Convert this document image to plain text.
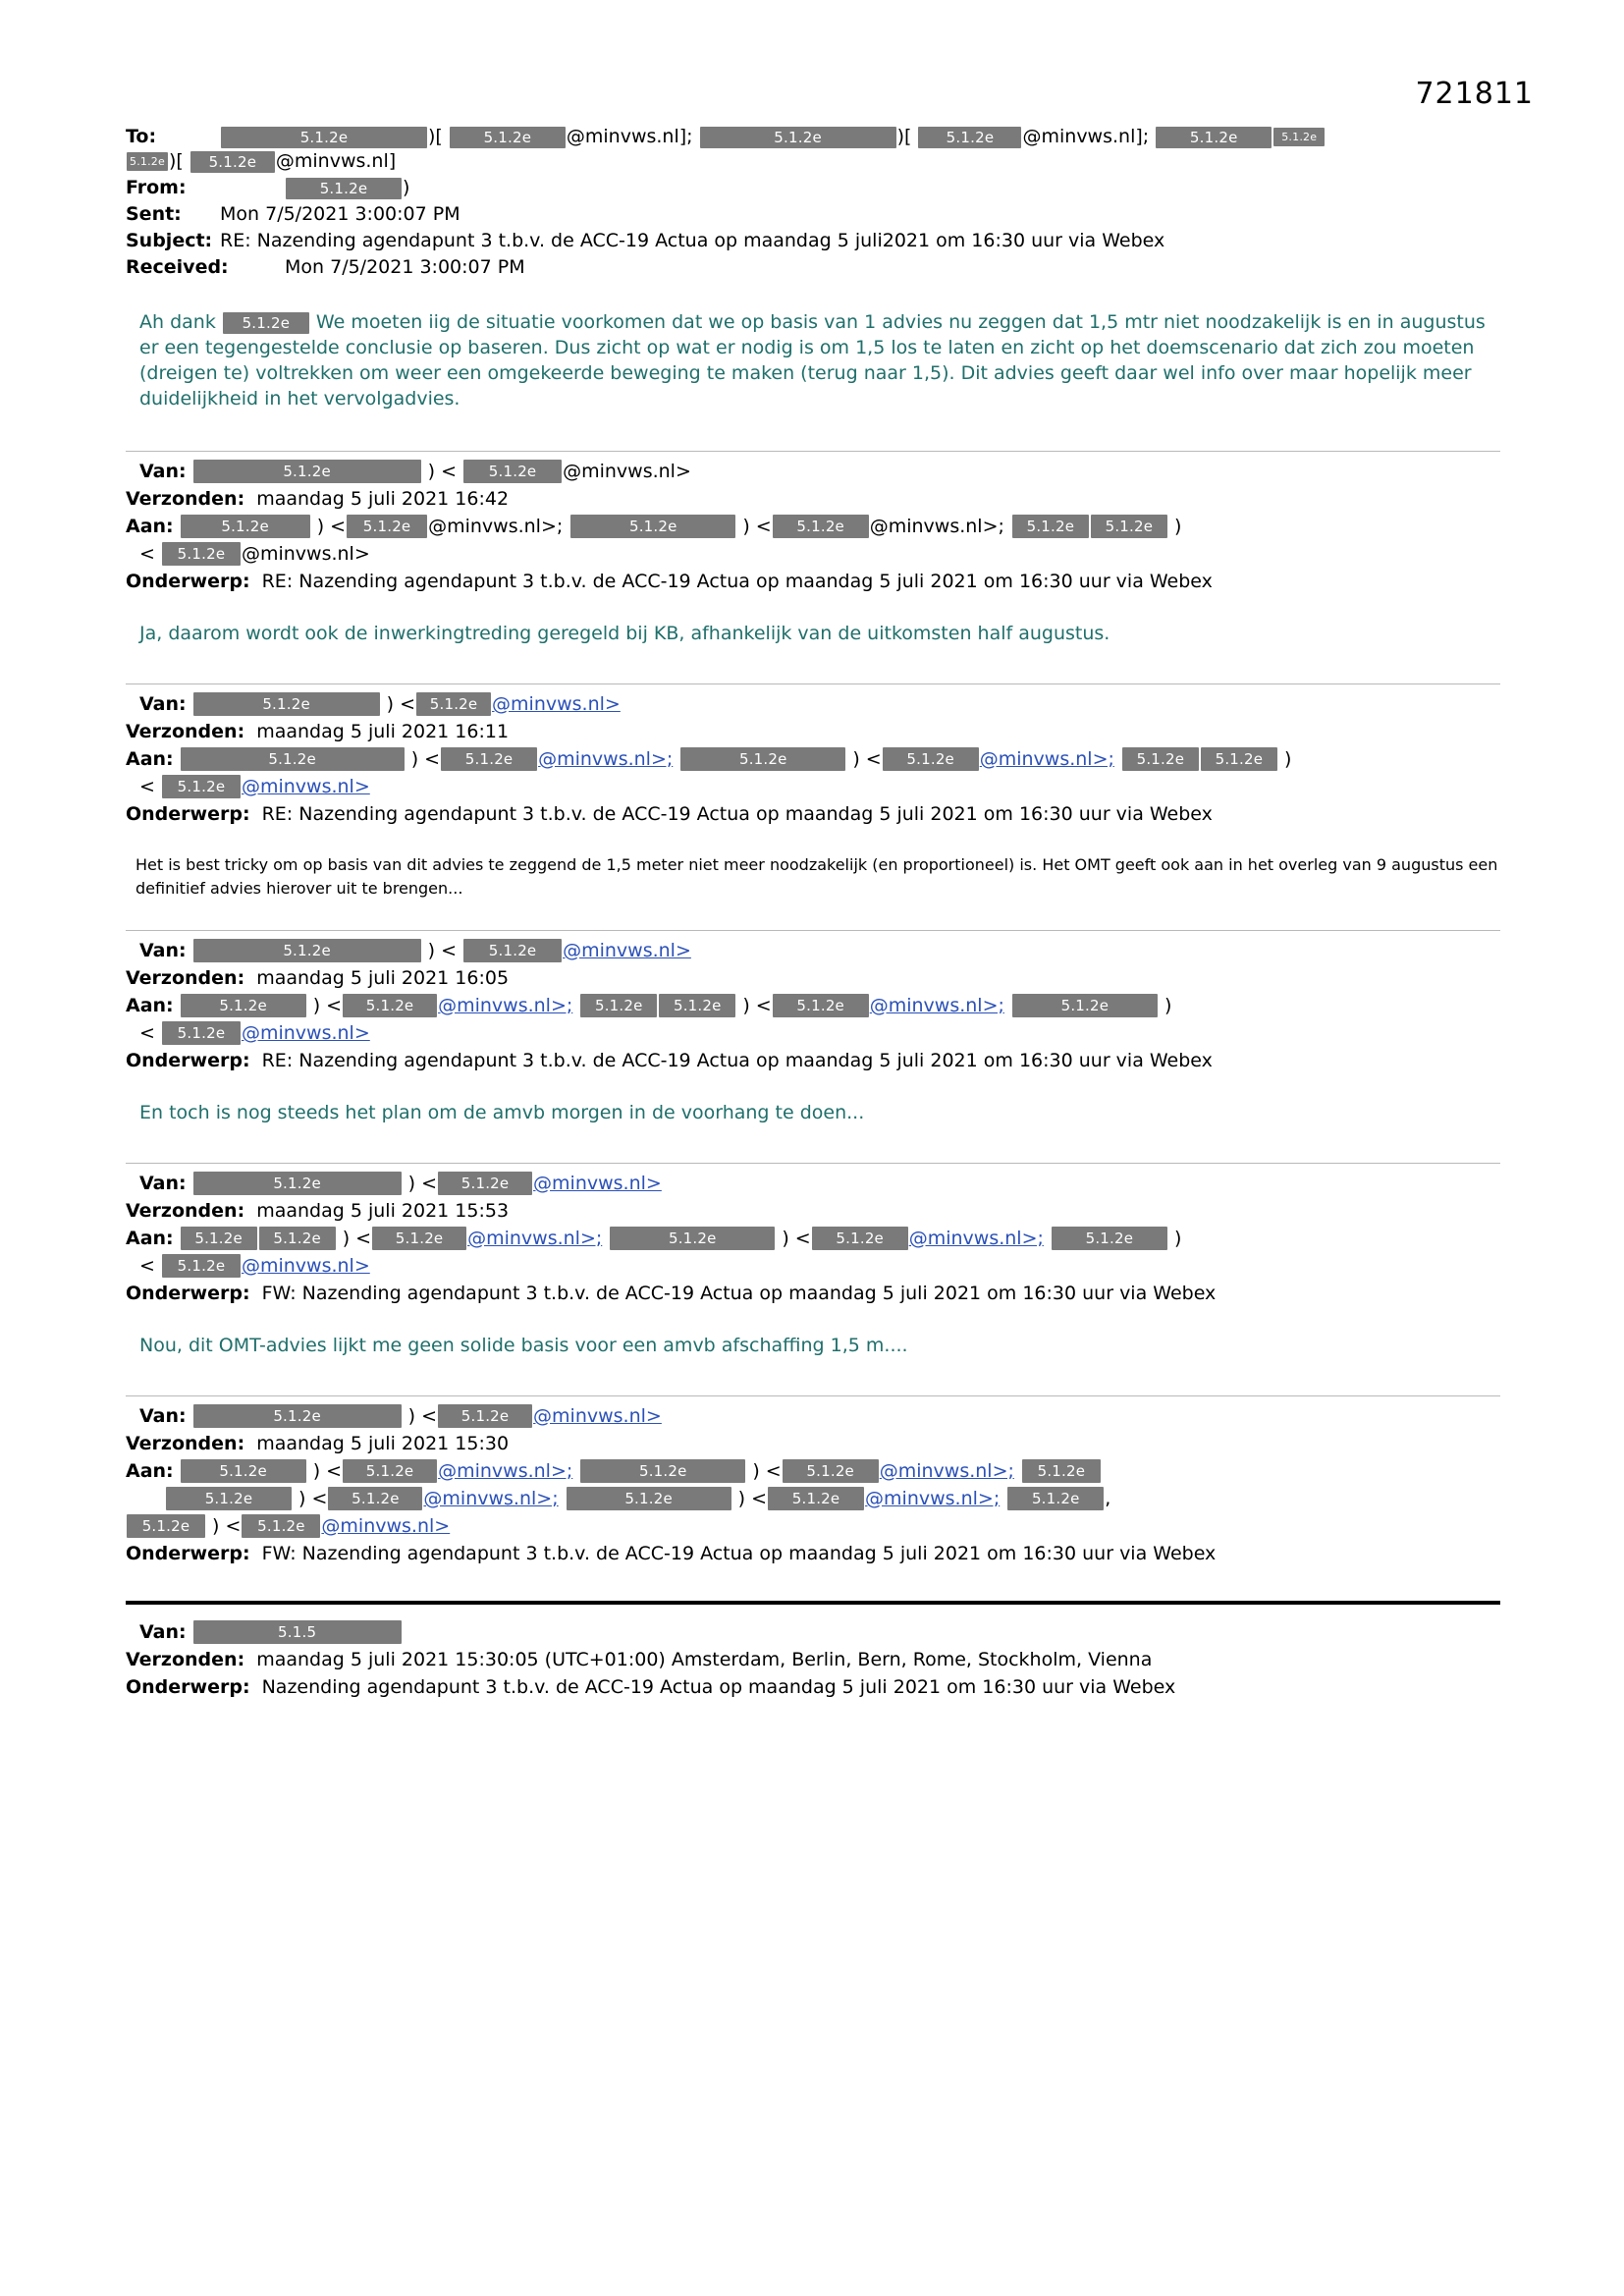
721811
To:	5.1.2e	)[	5.1.2e @minvws.nl];	5.1.2e	)[ 5.1.2e @minvws.nl];	5.1.2e	5.1.2e
5.1.2e )[ 5.1.2e @minvws.nl]
From:	5.1.2e )
Sent:	Mon 7/5/2021 3:00:07 PM
Subject: RE: Nazending agendapunt 3 t.b.v. de ACC-19 Actua op maandag 5 juli2021 om 16:30 uur via Webex
Received:	Mon 7/5/2021 3:00:07 PM
Ah dank 5.1.2e We moeten iig de situatie voorkomen dat we op basis van 1 advies nu zeggen dat 1,5 mtr niet noodzakelijk is en in augustus er een tegengestelde conclusie op baseren. Dus zicht op wat er nodig is om 1,5 los te laten en zicht op het doemscenario dat zich zou moeten (dreigen te) voltrekken om weer een omgekeerde beweging te maken (terug naar 1,5). Dit advies geeft daar wel info over maar hopelijk meer duidelijkheid in het vervolgadvies.
Van:	5.1.2e	) <	5.1.2e	@minvws.nl>
Verzonden: maandag 5 juli 2021 16:42
Aan:	5.1.2e	) <	5.1.2e @minvws.nl>;	5.1.2e	) <	5.1.2e	@minvws.nl>;	5.1.2e	5.1.2e )
<	5.1.2e @minvws.nl>
Onderwerp: RE: Nazending agendapunt 3 t.b.v. de ACC-19 Actua op maandag 5 juli 2021 om 16:30 uur via Webex
Ja, daarom wordt ook de inwerkingtreding geregeld bij KB, afhankelijk van de uitkomsten half augustus.
Van:	5.1.2e	) < 5.1.2e @minvws.nl>
Verzonden: maandag 5 juli 2021 16:11
Aan:	5.1.2e	) <	5.1.2e	@minvws.nl>;	5.1.2e	) <	5.1.2e	@minvws.nl>;	5.1.2e	5.1.2e )
<	5.1.2e @minvws.nl>
Onderwerp: RE: Nazending agendapunt 3 t.b.v. de ACC-19 Actua op maandag 5 juli 2021 om 16:30 uur via Webex
Het is best tricky om op basis van dit advies te zeggend de 1,5 meter niet meer noodzakelijk (en proportioneel) is. Het OMT geeft ook aan in het overleg van 9 augustus een definitief advies hierover uit te brengen...
Van:	5.1.2e	) <	5.1.2e	@minvws.nl>
Verzonden: maandag 5 juli 2021 16:05
Aan:	5.1.2e	) <	5.1.2e	@minvws.nl>;	5.1.2e	5.1.2e ) <	5.1.2e	@minvws.nl>;	5.1.2e	)
<	5.1.2e @minvws.nl>
Onderwerp: RE: Nazending agendapunt 3 t.b.v. de ACC-19 Actua op maandag 5 juli 2021 om 16:30 uur via Webex
En toch is nog steeds het plan om de amvb morgen in de voorhang te doen...
Van:	5.1.2e	) <	5.1.2e	@minvws.nl>
Verzonden: maandag 5 juli 2021 15:53
Aan:	5.1.2e	5.1.2e ) <	5.1.2e	@minvws.nl>;	5.1.2e	) <	5.1.2e	@minvws.nl>;	5.1.2e	)
<	5.1.2e @minvws.nl>
Onderwerp: FW: Nazending agendapunt 3 t.b.v. de ACC-19 Actua op maandag 5 juli 2021 om 16:30 uur via Webex
Nou, dit OMT-advies lijkt me geen solide basis voor een amvb afschaffing 1,5 m....
Van:	5.1.2e	) <	5.1.2e	@minvws.nl>
Verzonden: maandag 5 juli 2021 15:30
Aan:	5.1.2e	) <	5.1.2e	@minvws.nl>;	5.1.2e	) <	5.1.2e	@minvws.nl>;	5.1.2e
5.1.2e	) <	5.1.2e	@minvws.nl>;	5.1.2e	) <	5.1.2e	@minvws.nl>;	5.1.2e	,
5.1.2e ) <	5.1.2e @minvws.nl>
Onderwerp: FW: Nazending agendapunt 3 t.b.v. de ACC-19 Actua op maandag 5 juli 2021 om 16:30 uur via Webex
Van:	5.1.5
Verzonden: maandag 5 juli 2021 15:30:05 (UTC+01:00) Amsterdam, Berlin, Bern, Rome, Stockholm, Vienna
Onderwerp: Nazending agendapunt 3 t.b.v. de ACC-19 Actua op maandag 5 juli 2021 om 16:30 uur via Webex
